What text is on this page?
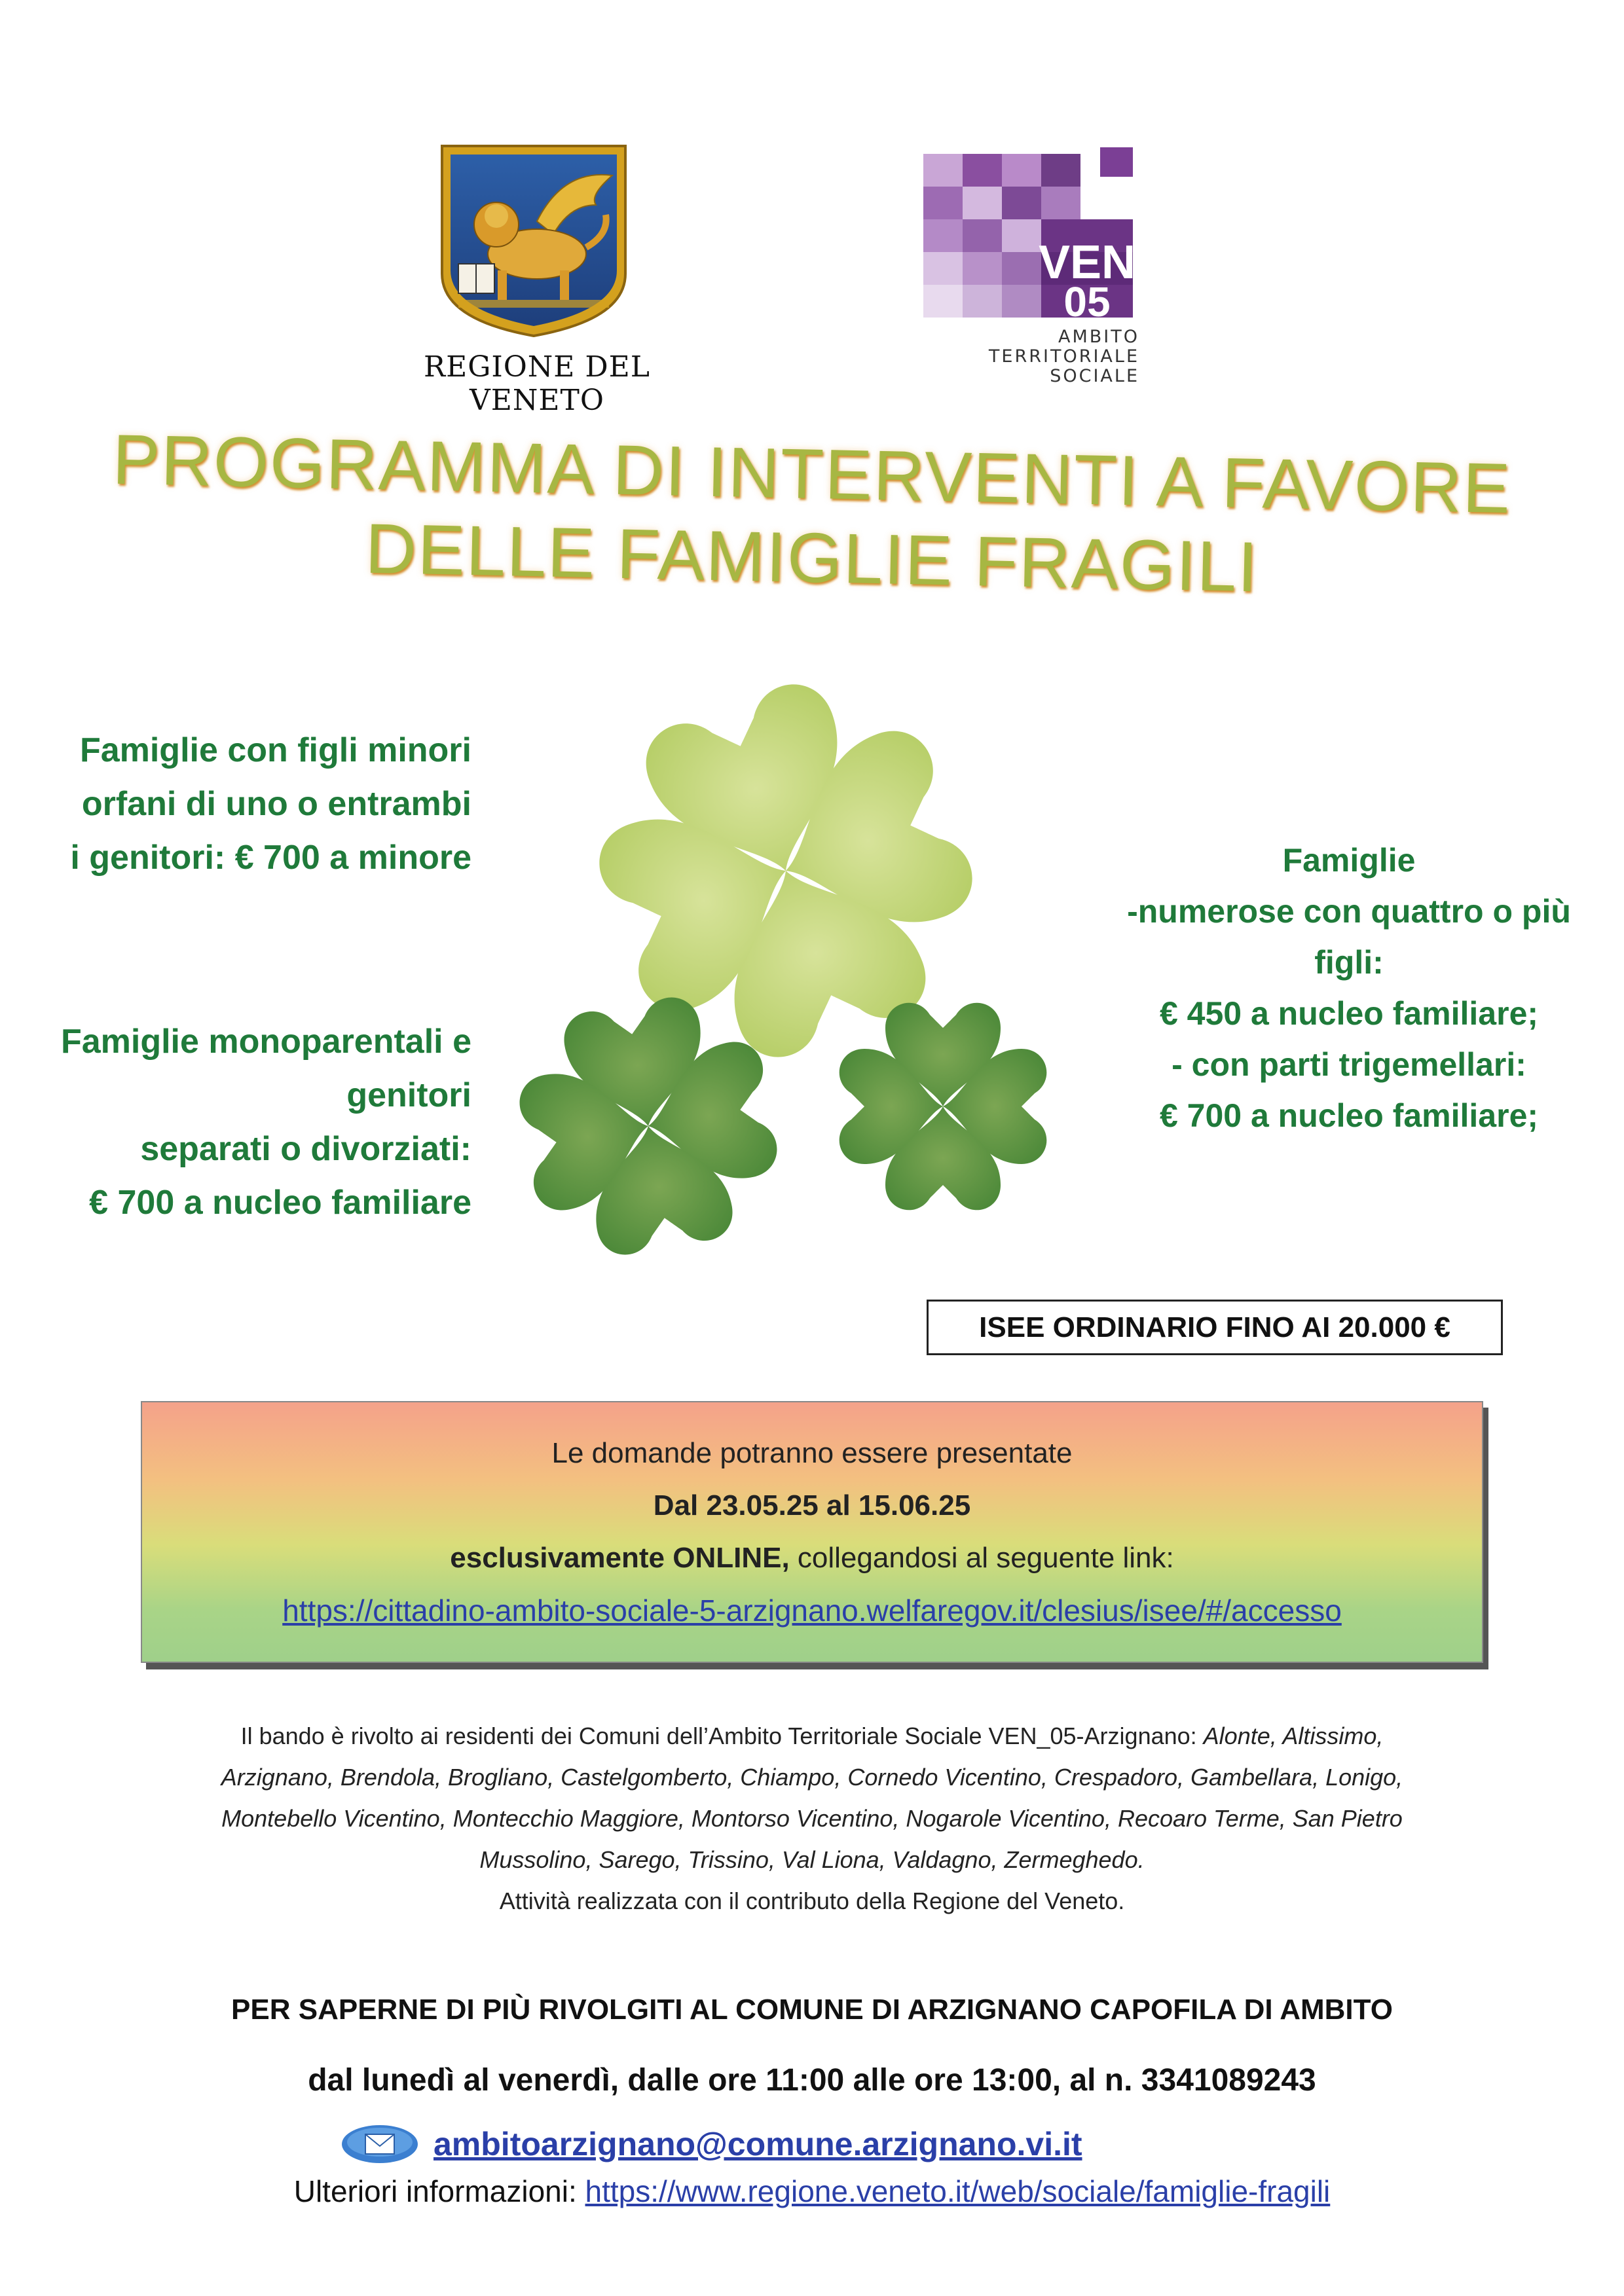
REGIONE DEL VENETO
VEN
05
AMBITO
TERRITORIALE
SOCIALE
PROGRAMMA DI INTERVENTI A FAVORE
DELLE FAMIGLIE FRAGILI
Famiglie con figli minori
orfani di uno o entrambi
i genitori: € 700 a minore
Famiglie monoparentali e genitori
separati o divorziati:
€ 700 a nucleo familiare
Famiglie
-numerose con quattro o più figli:
€ 450 a nucleo familiare;
- con parti trigemellari:
€ 700 a nucleo familiare;
ISEE ORDINARIO FINO AI 20.000 €
Le domande potranno essere presentate
Dal 23.05.25 al 15.06.25
esclusivamente ONLINE, collegandosi al seguente link:
https://cittadino-ambito-sociale-5-arzignano.welfaregov.it/clesius/isee/#/accesso
Il bando è rivolto ai residenti dei Comuni dell’Ambito Territoriale Sociale VEN_05-Arzignano: Alonte, Altissimo,
Arzignano, Brendola, Brogliano, Castelgomberto, Chiampo, Cornedo Vicentino, Crespadoro, Gambellara, Lonigo,
Montebello Vicentino, Montecchio Maggiore, Montorso Vicentino, Nogarole Vicentino, Recoaro Terme, San Pietro
Mussolino, Sarego, Trissino, Val Liona, Valdagno, Zermeghedo.
Attività realizzata con il contributo della Regione del Veneto.
PER SAPERNE DI PIÙ RIVOLGITI AL COMUNE DI ARZIGNANO CAPOFILA DI AMBITO
dal lunedì al venerdì, dalle ore 11:00 alle ore 13:00, al n. 3341089243
ambitoarzignano@comune.arzignano.vi.it
Ulteriori informazioni: https://www.regione.veneto.it/web/sociale/famiglie-fragili
